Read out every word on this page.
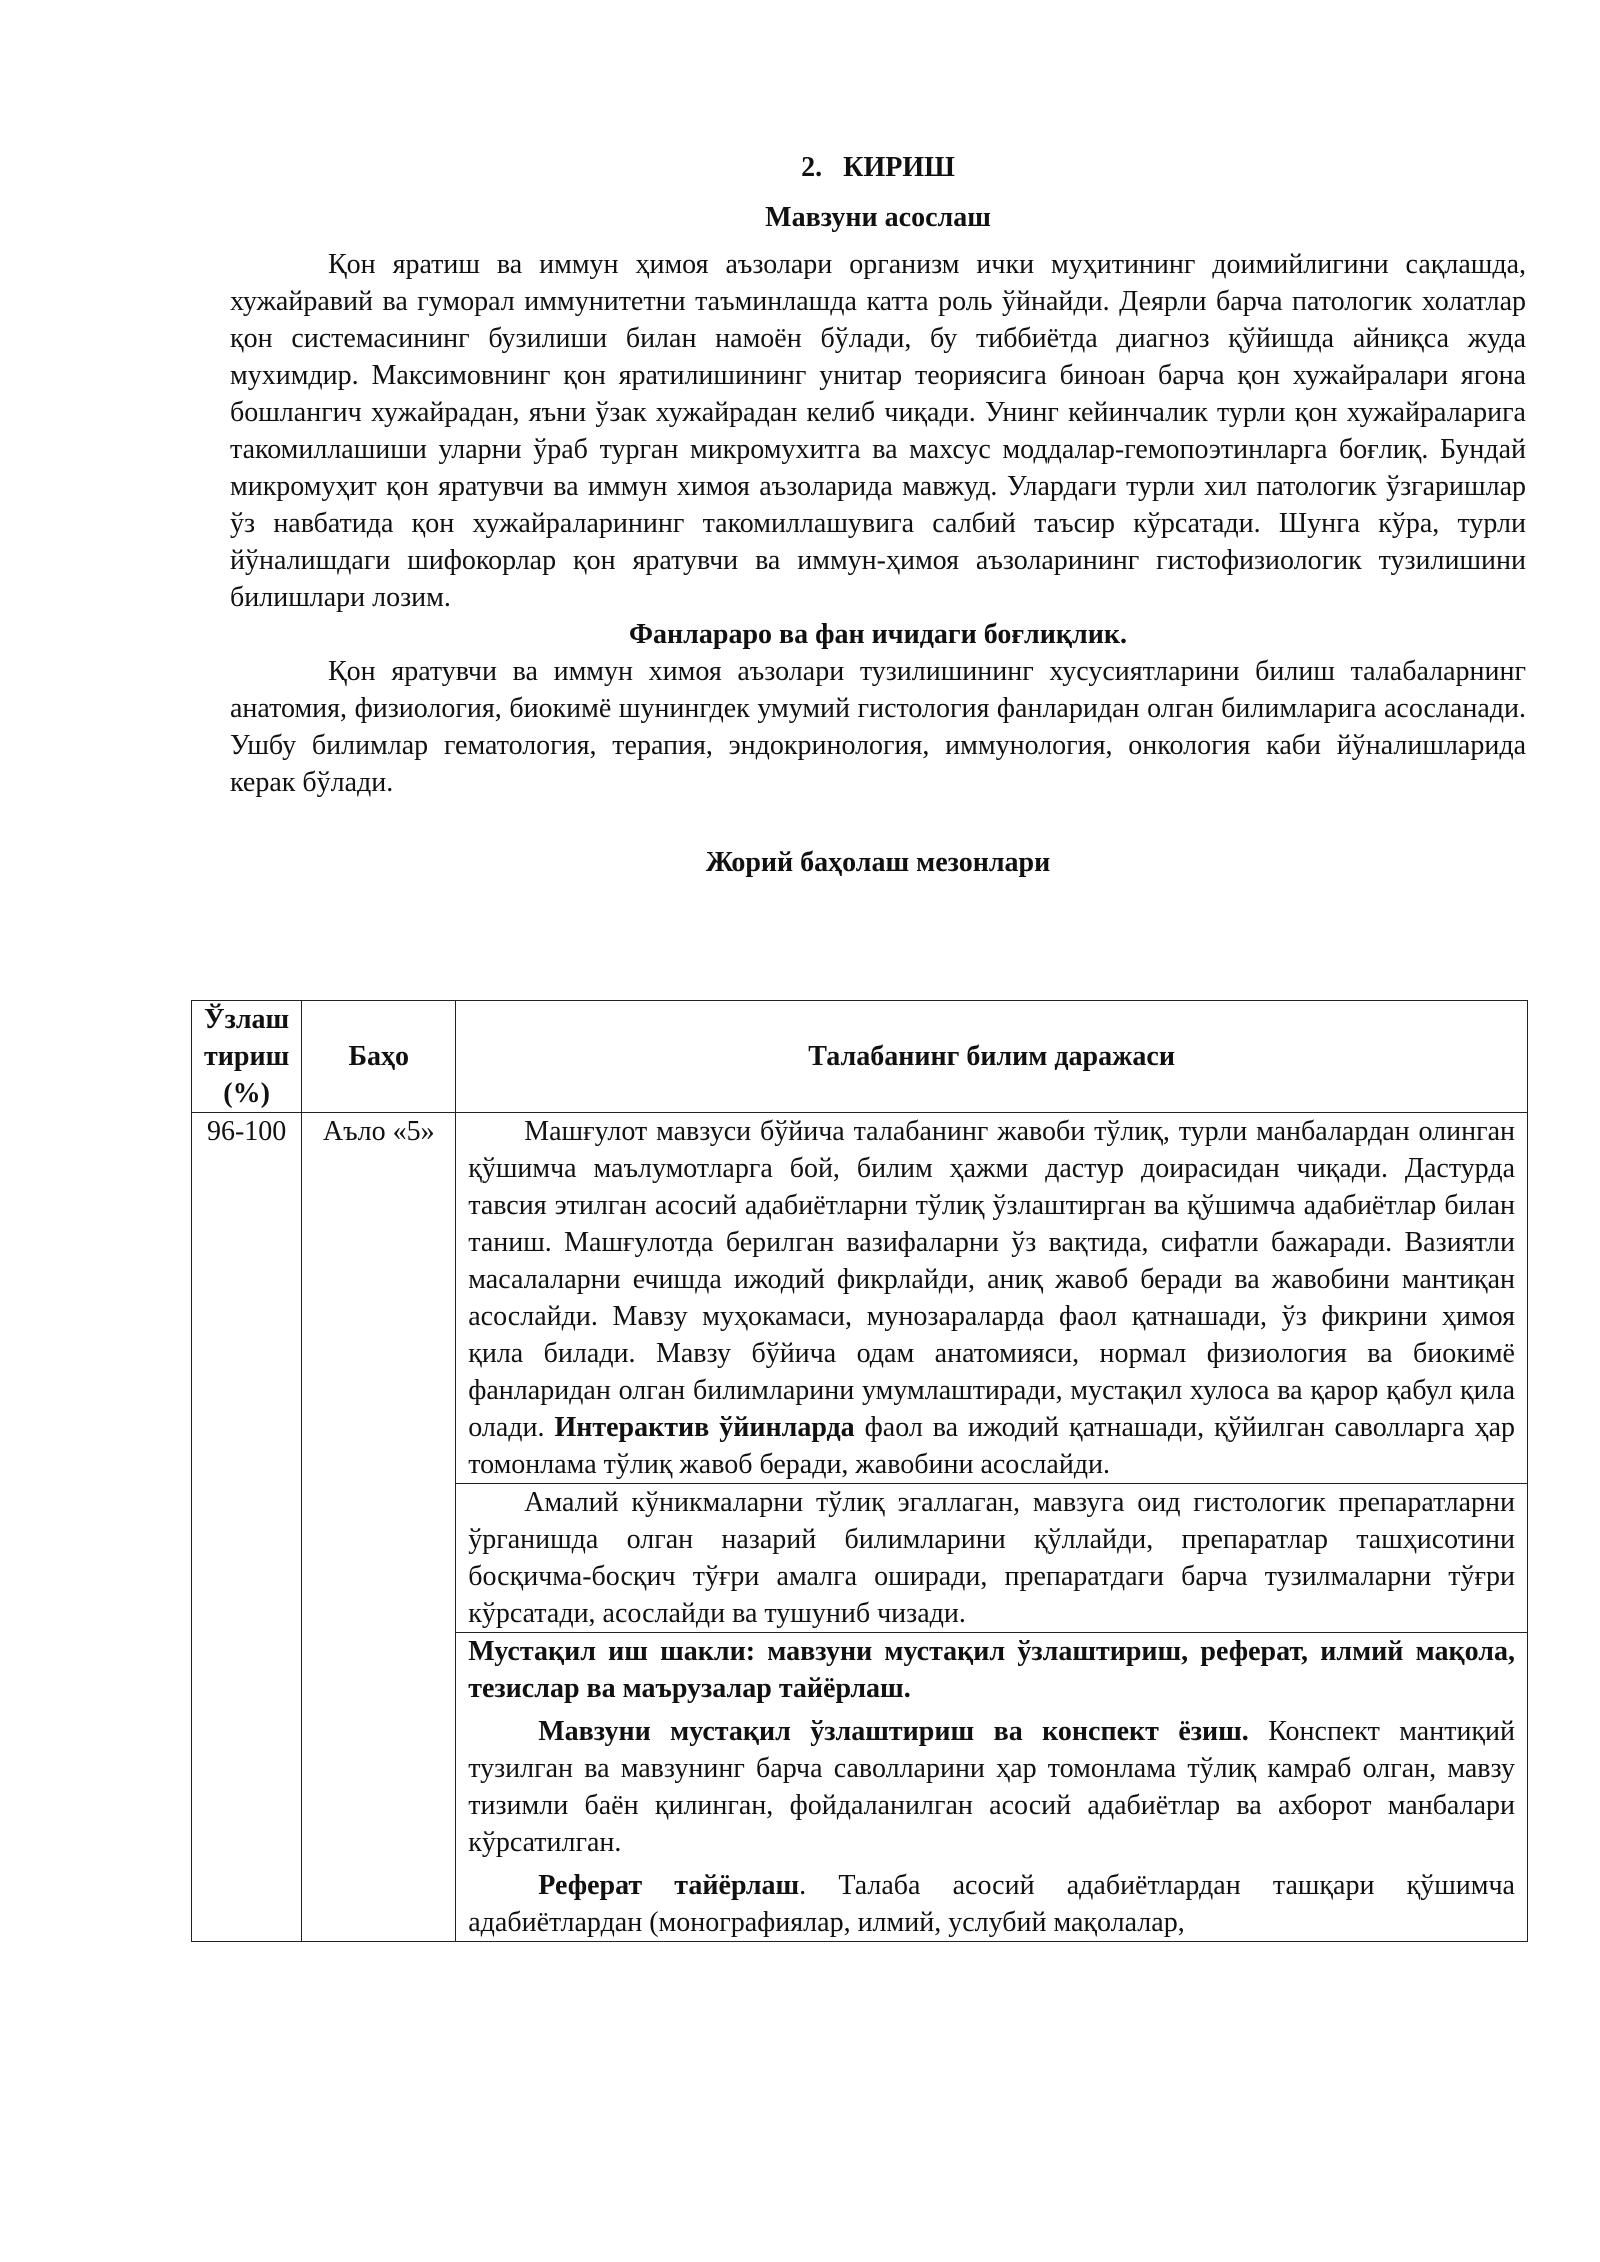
2. КИРИШ
Мавзуни асослаш

Қон яратиш ва иммун ҳимоя аъзолари организм ички муҳитининг доимийлигини сақлашда, хужайравий ва гуморал иммунитетни таъминлашда катта роль ўйнайди. Деярли барча патологик холатлар қон системасининг бузилиши билан намоён бўлади, бу тиббиётда диагноз қўйишда айниқса жуда мухимдир. Максимовнинг қон яратилишининг унитар теориясига биноан барча қон хужайралари ягона бошлангич хужайрадан, яъни ўзак хужайрадан келиб чиқади. Унинг кейинчалик турли қон хужайраларига такомиллашиши уларни ўраб турган микромухитга ва махсус моддалар-гемопоэтинларга боғлиқ. Бундай микромуҳит қон яратувчи ва иммун химоя аъзоларида мавжуд. Улардаги турли хил патологик ўзгаришлар ўз навбатида қон хужайраларининг такомиллашувига салбий таъсир кўрсатади. Шунга кўра, турли йўналишдаги шифокорлар қон яратувчи ва иммун-ҳимоя аъзоларининг гистофизиологик тузилишини билишлари лозим.

Фанлараро ва фан ичидаги боғлиқлик.

Қон яратувчи ва иммун химоя аъзолари тузилишининг хусусиятларини билиш талабаларнинг анатомия, физиология, биокимё шунингдек умумий гистология фанларидан олган билимларига асосланади. Ушбу билимлар гематология, терапия, эндокринология, иммунология, онкология каби йўналишларида керак бўлади.

Жорий баҳолаш мезонлари
Ўзлаш тириш (%)	Баҳо	Талабанинг билим даражаси
96-100	Аъло «5»	Машғулот мавзуси бўйича талабанинг жавоби тўлиқ, турли манбалардан олинган қўшимча маълумотларга бой, билим ҳажми дастур доирасидан чиқади. Дастурда тавсия этилган асосий адабиётларни тўлиқ ўзлаштирган ва қўшимча адабиётлар билан таниш. Машғулотда берилган вазифаларни ўз вақтида, сифатли бажаради. Вазиятли масалаларни ечишда ижодий фикрлайди, аниқ жавоб беради ва жавобини мантиқан асослайди. Мавзу муҳокамаси, мунозараларда фаол қатнашади, ўз фикрини ҳимоя қила билади. Мавзу бўйича одам анатомияси, нормал физиология ва биокимё фанларидан олган билимларини умумлаштиради, мустақил хулоса ва қарор қабул қила олади. Интерактив ўйинларда фаол ва ижодий қатнашади, қўйилган саволларга ҳар томонлама тўлиқ жавоб беради, жавобини асослайди.

		Амалий кўникмаларни тўлиқ эгаллаган, мавзуга оид гистологик препаратларни ўрганишда олган назарий билимларини қўллайди, препаратлар ташҳисотини босқичма-босқич тўғри амалга оширади, препаратдаги барча тузилмаларни тўғри кўрсатади, асослайди ва тушуниб чизади.

		Мустақил иш шакли: мавзуни мустақил ўзлаштириш, реферат, илмий мақола, тезислар ва маърузалар тайёрлаш.
Мавзуни мустақил ўзлаштириш ва конспект ёзиш. Конспект мантиқий тузилган ва мавзунинг барча саволларини ҳар томонлама тўлиқ камраб олган, мавзу тизимли баён қилинган, фойдаланилган асосий адабиётлар ва ахборот манбалари кўрсатилган.
Реферат тайёрлаш. Талаба асосий адабиётлардан ташқари қўшимча адабиётлардан (монографиялар, илмий, услубий мақолалар,
